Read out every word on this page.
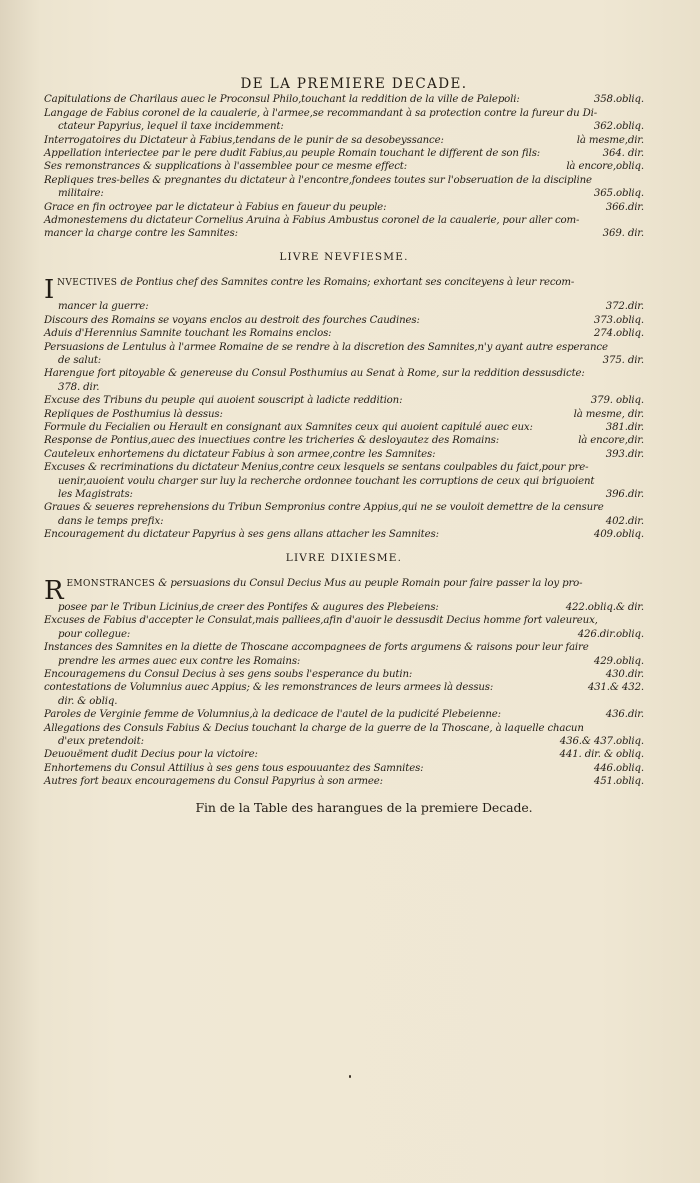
DE LA PREMIERE DECADE.
358.obliq.
Capitulations de Charilaus auec le Proconsul Philo,touchant la reddition de la ville de Palepoli:
Langage de Fabius coronel de la caualerie, à l'armee,se recommandant à sa protection contre la fureur du Di-
362.obliq.
ctateur Papyrius, lequel il taxe incidemment:
là mesme,dir.
Interrogatoires du Dictateur à Fabius,tendans de le punir de sa desobeyssance:
364. dir.
Appellation interiectee par le pere dudit Fabius,au peuple Romain touchant le different de son fils:
là encore,obliq.
Ses remonstrances & supplications à l'assemblee pour ce mesme effect:
Repliques tres-belles & pregnantes du dictateur à l'encontre,fondees toutes sur l'obseruation de la discipline
365.obliq.
militaire:
366.dir.
Grace en fin octroyee par le dictateur à Fabius en faueur du peuple:
Admonestemens du dictateur Cornelius Aruina à Fabius Ambustus coronel de la caualerie, pour aller com-
369. dir.
mancer la charge contre les Samnites:
LIVRE NEVFIESME.
INVECTIVES de Pontius chef des Samnites contre les Romains; exhortant ses conciteyens à leur recom-
372.dir.
mancer la guerre:
373.obliq.
Discours des Romains se voyans enclos au destroit des fourches Caudines:
274.obliq.
Aduis d'Herennius Samnite touchant les Romains enclos:
Persuasions de Lentulus à l'armee Romaine de se rendre à la discretion des Samnites,n'y ayant autre esperance
375. dir.
de salut:
Harengue fort pitoyable & genereuse du Consul Posthumius au Senat à Rome, sur la reddition dessusdicte:
378. dir.
379. obliq.
Excuse des Tribuns du peuple qui auoient souscript à ladicte reddition:
là mesme, dir.
Repliques de Posthumius là dessus:
381.dir.
Formule du Fecialien ou Herault en consignant aux Samnites ceux qui auoient capitulé auec eux:
là encore,dir.
Response de Pontius,auec des inuectiues contre les tricheries & desloyautez des Romains:
393.dir.
Cauteleux enhortemens du dictateur Fabius à son armee,contre les Samnites:
Excuses & recriminations du dictateur Menius,contre ceux lesquels se sentans coulpables du faict,pour pre-
uenir,auoient voulu charger sur luy la recherche ordonnee touchant les corruptions de ceux qui briguoient
396.dir.
les Magistrats:
Graues & seueres reprehensions du Tribun Sempronius contre Appius,qui ne se vouloit demettre de la censure
402.dir.
dans le temps prefix:
409.obliq.
Encouragement du dictateur Papyrius à ses gens allans attacher les Samnites:
LIVRE DIXIESME.
REMONSTRANCES & persuasions du Consul Decius Mus au peuple Romain pour faire passer la loy pro-
422.obliq.& dir.
posee par le Tribun Licinius,de creer des Pontifes & augures des Plebeiens:
Excuses de Fabius d'accepter le Consulat,mais palliees,afin d'auoir le dessusdit Decius homme fort valeureux,
426.dir.obliq.
pour collegue:
Instances des Samnites en la diette de Thoscane accompagnees de forts argumens & raisons pour leur faire
429.obliq.
prendre les armes auec eux contre les Romains:
430.dir.
Encouragemens du Consul Decius à ses gens soubs l'esperance du butin:
431.& 432.
contestations de Volumnius auec Appius; & les remonstrances de leurs armees là dessus:
dir. & obliq.
436.dir.
Paroles de Verginie femme de Volumnius,à la dedicace de l'autel de la pudicité Plebeienne:
Allegations des Consuls Fabius & Decius touchant la charge de la guerre de la Thoscane, à laquelle chacun
436.& 437.obliq.
d'eux pretendoit:
441. dir. & obliq.
Deuouëment dudit Decius pour la victoire:
446.obliq.
Enhortemens du Consul Attilius à ses gens tous espouuantez des Samnites:
451.obliq.
Autres fort beaux encouragemens du Consul Papyrius à son armee:
Fin de la Table des harangues de la premiere Decade.
